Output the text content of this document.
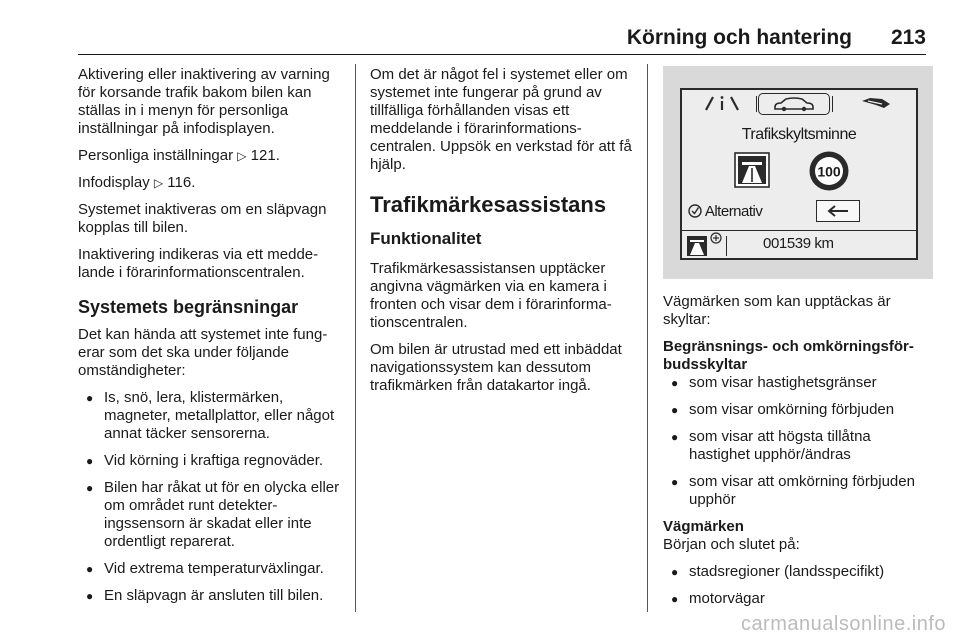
Körning och hantering 213

Aktivering eller inaktivering av varning för korsande trafik bakom bilen kan ställas in i menyn för personliga inställningar på infodisplayen.

Personliga inställningar ▷ 121.

Infodisplay ▷ 116.

Systemet inaktiveras om en släpvagn kopplas till bilen.

Inaktivering indikeras via ett meddelande i förarinformationscentralen.

Systemets begränsningar

Det kan hända att systemet inte fungerar som det ska under följande omständigheter:

● Is, snö, lera, klistermärken, magneter, metallplattor, eller något annat täcker sensorerna.
● Vid körning i kraftiga regnoväder.
● Bilen har råkat ut för en olycka eller om området runt detekteringssensorn är skadat eller inte ordentligt reparerat.
● Vid extrema temperaturväxlingar.
● En släpvagn är ansluten till bilen.

Om det är något fel i systemet eller om systemet inte fungerar på grund av tillfälliga förhållanden visas ett meddelande i förarinformationscentralen. Uppsök en verkstad för att få hjälp.

Trafikmärkesassistans
Funktionalitet

Trafikmärkesassistansen upptäcker angivna vägmärken via en kamera i fronten och visar dem i förarinformationscentralen.

Om bilen är utrustad med ett inbäddat navigationssystem kan dessutom trafikmärken från datakartor ingå.

Trafikskyltsminne
100
Alternativ
001539 km

Vägmärken som kan upptäckas är skyltar:

Begränsnings- och omkörningsförbudsskyltar

● som visar hastighetsgränser
● som visar omkörning förbjuden
● som visar att högsta tillåtna hastighet upphör/ändras
● som visar att omkörning förbjuden upphör

Vägmärken

Början och slutet på:

● stadsregioner (landsspecifikt)
● motorvägar
carmanualsonline.info
